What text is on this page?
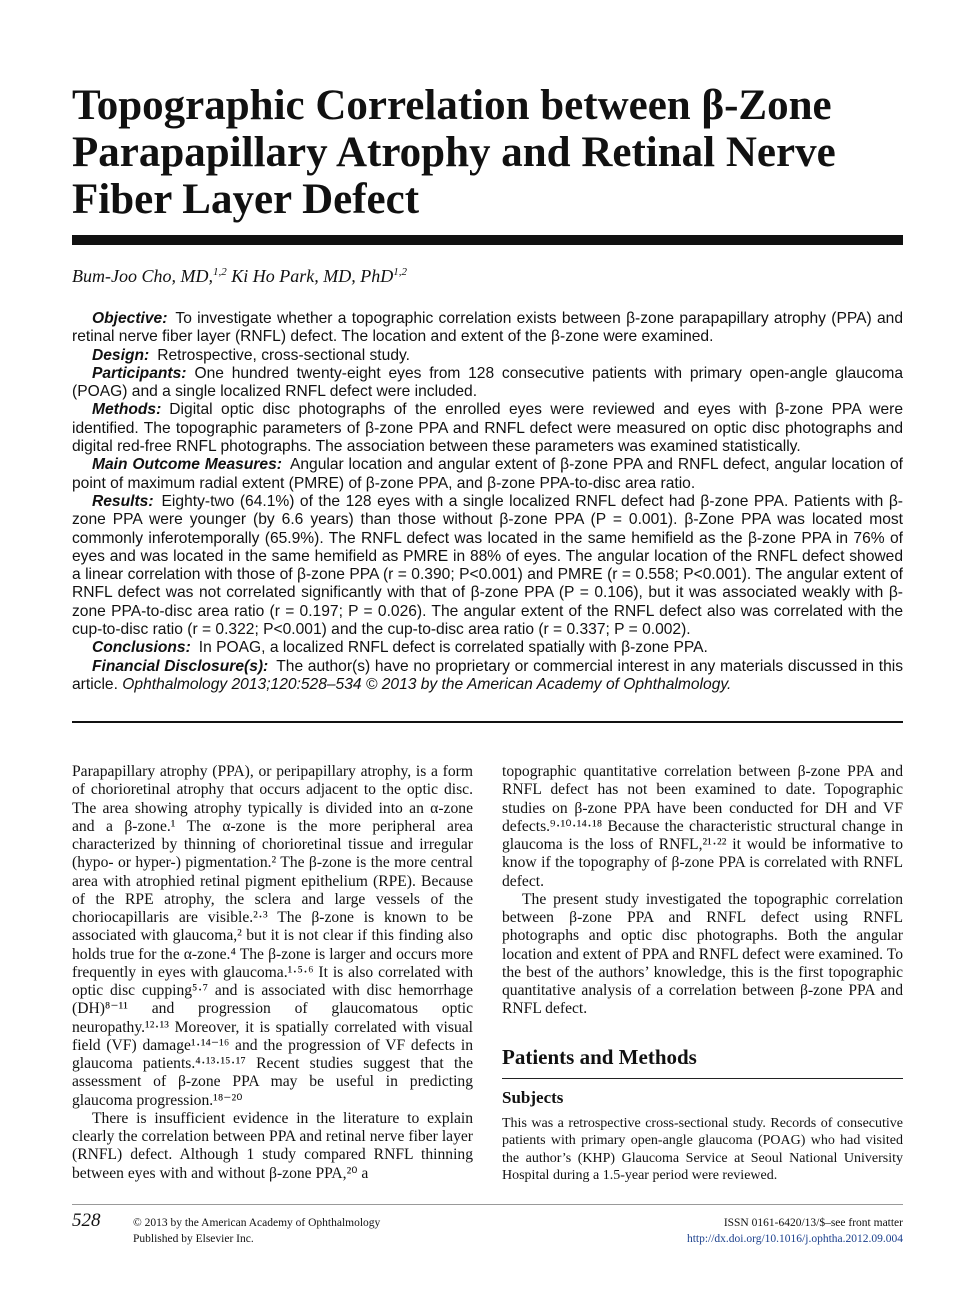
Topographic Correlation between β-Zone Parapapillary Atrophy and Retinal Nerve Fiber Layer Defect
Bum-Joo Cho, MD,$^{1,2}$ Ki Ho Park, MD, PhD$^{1,2}$

Objective: To investigate whether a topographic correlation exists between β-zone parapapillary atrophy (PPA) and retinal nerve fiber layer (RNFL) defect. The location and extent of the β-zone were examined.

Design: Retrospective, cross-sectional study.

Participants: One hundred twenty-eight eyes from 128 consecutive patients with primary open-angle glaucoma (POAG) and a single localized RNFL defect were included.

Methods: Digital optic disc photographs of the enrolled eyes were reviewed and eyes with β-zone PPA were identified. The topographic parameters of β-zone PPA and RNFL defect were measured on optic disc photographs and digital red-free RNFL photographs. The association between these parameters was examined statistically.

Main Outcome Measures: Angular location and angular extent of β-zone PPA and RNFL defect, angular location of point of maximum radial extent (PMRE) of β-zone PPA, and β-zone PPA-to-disc area ratio.

Results: Eighty-two (64.1%) of the 128 eyes with a single localized RNFL defect had β-zone PPA. Patients with β-zone PPA were younger (by 6.6 years) than those without β-zone PPA (P = 0.001). β-Zone PPA was located most commonly inferotemporally (65.9%). The RNFL defect was located in the same hemifield as the β-zone PPA in 76% of eyes and was located in the same hemifield as PMRE in 88% of eyes. The angular location of the RNFL defect showed a linear correlation with those of β-zone PPA (r = 0.390; P<0.001) and PMRE (r = 0.558; P<0.001). The angular extent of RNFL defect was not correlated significantly with that of β-zone PPA (P = 0.106), but it was associated weakly with β-zone PPA-to-disc area ratio (r = 0.197; P = 0.026). The angular extent of the RNFL defect also was correlated with the cup-to-disc ratio (r = 0.322; P<0.001) and the cup-to-disc area ratio (r = 0.337; P = 0.002).

Conclusions: In POAG, a localized RNFL defect is correlated spatially with β-zone PPA.

Financial Disclosure(s): The author(s) have no proprietary or commercial interest in any materials discussed in this article. Ophthalmology 2013;120:528–534 © 2013 by the American Academy of Ophthalmology.

Parapapillary atrophy (PPA), or peripapillary atrophy, is a form of chorioretinal atrophy that occurs adjacent to the optic disc. The area showing atrophy typically is divided into an α-zone and a β-zone.¹ The α-zone is the more peripheral area characterized by thinning of chorioretinal tissue and irregular (hypo- or hyper-) pigmentation.² The β-zone is the more central area with atrophied retinal pigment epithelium (RPE). Because of the RPE atrophy, the sclera and large vessels of the choriocapillaris are visible.²·³ The β-zone is known to be associated with glaucoma,² but it is not clear if this finding also holds true for the α-zone.⁴ The β-zone is larger and occurs more frequently in eyes with glaucoma.¹·⁵·⁶ It is also correlated with optic disc cupping⁵·⁷ and is associated with disc hemorrhage (DH)⁸⁻¹¹ and progression of glaucomatous optic neuropathy.¹²·¹³ Moreover, it is spatially correlated with visual field (VF) damage¹·¹⁴⁻¹⁶ and the progression of VF defects in glaucoma patients.⁴·¹³·¹⁵·¹⁷ Recent studies suggest that the assessment of β-zone PPA may be useful in predicting glaucoma progression.¹⁸⁻²⁰

There is insufficient evidence in the literature to explain clearly the correlation between PPA and retinal nerve fiber layer (RNFL) defect. Although 1 study compared RNFL thinning between eyes with and without β-zone PPA,²⁰ a

topographic quantitative correlation between β-zone PPA and RNFL defect has not been examined to date. Topographic studies on β-zone PPA have been conducted for DH and VF defects.⁹·¹⁰·¹⁴·¹⁸ Because the characteristic structural change in glaucoma is the loss of RNFL,²¹·²² it would be informative to know if the topography of β-zone PPA is correlated with RNFL defect.

The present study investigated the topographic correlation between β-zone PPA and RNFL defect using RNFL photographs and optic disc photographs. Both the angular location and extent of PPA and RNFL defect were examined. To the best of the authors’ knowledge, this is the first topographic quantitative analysis of a correlation between β-zone PPA and RNFL defect.

Patients and Methods
Subjects

This was a retrospective cross-sectional study. Records of consecutive patients with primary open-angle glaucoma (POAG) who had visited the author’s (KHP) Glaucoma Service at Seoul National University Hospital during a 1.5-year period were reviewed.

528	© 2013 by the American Academy of Ophthalmology
Published by Elsevier Inc.
ISSN 0161-6420/13/$–see front matter
http://dx.doi.org/10.1016/j.ophtha.2012.09.004
